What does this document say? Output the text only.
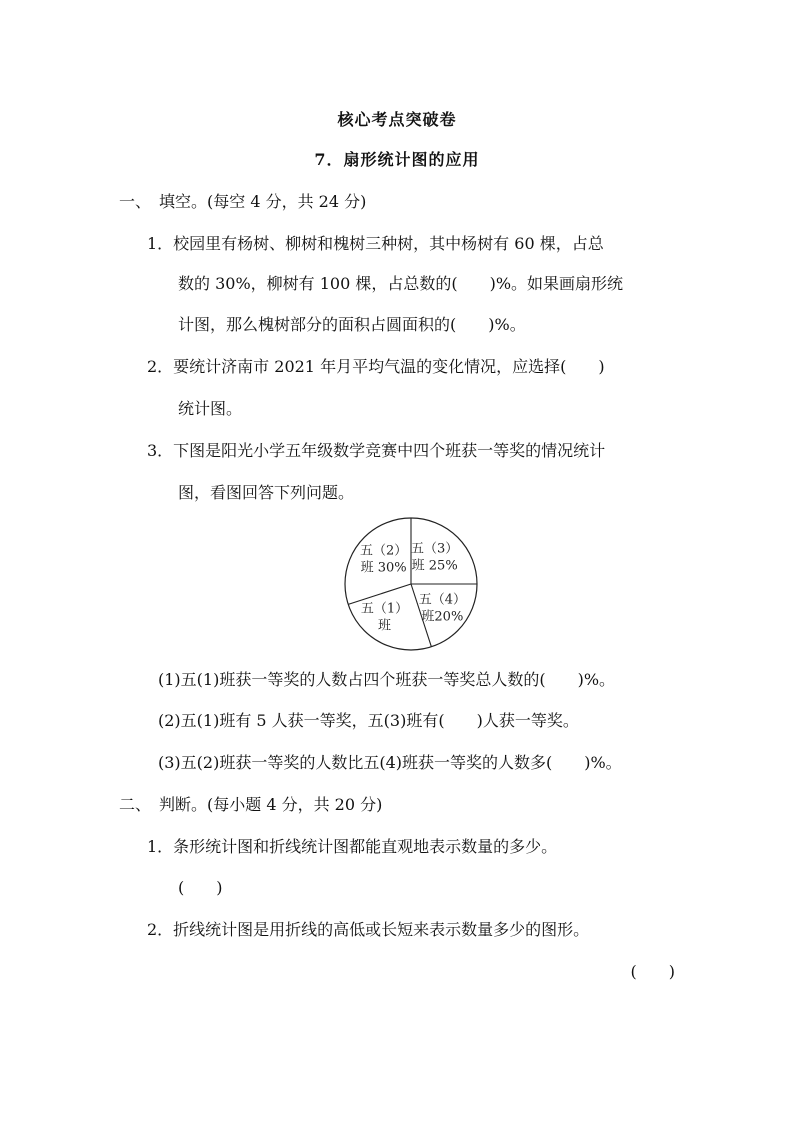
核心考点突破卷
7．扇形统计图的应用
一、　填空。(每空 4 分，共 24 分)
1．校园里有杨树、柳树和槐树三种树，其中杨树有 60 棵，占总
数的 30%，柳树有 100 棵，占总数的(　　)%。如果画扇形统
计图，那么槐树部分的面积占圆面积的(　　)%。
2．要统计济南市 2021 年月平均气温的变化情况，应选择(　　)
统计图。
3．下图是阳光小学五年级数学竞赛中四个班获一等奖的情况统计
图，看图回答下列问题。
五（3）
班 25%
五（4）
班20%
五（1）
班
五（2）
班 30%
(1)五(1)班获一等奖的人数占四个班获一等奖总人数的(　　)%。
(2)五(1)班有 5 人获一等奖，五(3)班有(　　)人获一等奖。
(3)五(2)班获一等奖的人数比五(4)班获一等奖的人数多(　　)%。
二、　判断。(每小题 4 分，共 20 分)
1．条形统计图和折线统计图都能直观地表示数量的多少。
(　　)
2．折线统计图是用折线的高低或长短来表示数量多少的图形。
(　　)
